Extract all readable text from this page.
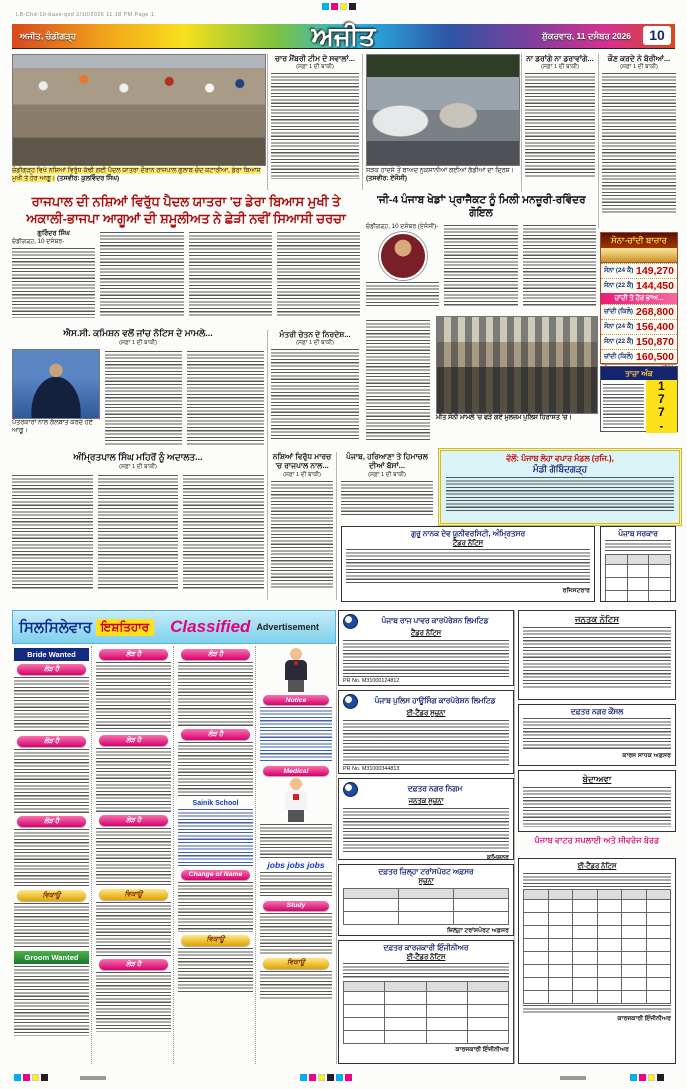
LB-Chd-10-base-qxd 2/10/2026 11:18 PM Page 1
ਅਜੀਤ, ਚੰਡੀਗੜ੍ਹ	ਅਜੀਤ	ਸ਼ੁੱਕਰਵਾਰ, 11 ਦਸੰਬਰ 2026	10
ਚੰਡੀਗੜ੍ਹ ਵਿਖੇ ਨਸ਼ਿਆਂ ਵਿਰੁੱਧ ਕੱਢੀ ਗਈ ਪੈਦਲ ਯਾਤਰਾ ਦੌਰਾਨ ਰਾਜਪਾਲ ਗੁਲਾਬ ਚੰਦ ਕਟਾਰੀਆ, ਡੇਰਾ ਬਿਆਸ ਮੁਖੀ ਤੇ ਹੋਰ ਆਗੂ। (ਤਸਵੀਰ: ਕੁਲਵਿੰਦਰ ਸਿੰਘ)
ਚਾਰ ਮੈਂਬਰੀ ਟੀਮ ਦੇ ਸਵਾਲਾਂ...
(ਸਫ਼ਾ 1 ਦੀ ਬਾਕੀ)
ਸੜਕ ਹਾਦਸੇ ਤੋਂ ਬਾਅਦ ਨੁਕਸਾਨੀਆਂ ਗਈਆਂ ਗੱਡੀਆਂ ਦਾ ਦ੍ਰਿਸ਼। (ਤਸਵੀਰ: ਏਜੰਸੀ)
ਨਾ ਡਰਾਂਗੇ ਨਾ ਡਰਾਵਾਂਗੇ...
(ਸਫ਼ਾ 1 ਦੀ ਬਾਕੀ)
ਕੌਣ ਕਰਦੇ ਨੇ ਬੋਰੀਆਂ...
(ਸਫ਼ਾ 1 ਦੀ ਬਾਕੀ)
ਰਾਜਪਾਲ ਦੀ ਨਸ਼ਿਆਂ ਵਿਰੁੱਧ ਪੈਦਲ ਯਾਤਰਾ 'ਚ ਡੇਰਾ ਬਿਆਸ ਮੁਖੀ ਤੇ ਅਕਾਲੀ-ਭਾਜਪਾ ਆਗੂਆਂ ਦੀ ਸ਼ਮੂਲੀਅਤ ਨੇ ਛੇੜੀ ਨਵੀਂ ਸਿਆਸੀ ਚਰਚਾ
ਗੁਰਿੰਦਰ ਸਿੰਘ
ਚੰਡੀਗੜ੍ਹ, 10 ਦਸੰਬਰ-
'ਜੀ-4 ਪੰਜਾਬ ਖੇਡਾਂ' ਪ੍ਰਾਜੈਕਟ ਨੂੰ ਮਿਲੀ ਮਨਜ਼ੂਰੀ-ਰਵਿੰਦਰ ਗੋਇਲ
ਚੰਡੀਗੜ੍ਹ, 10 ਦਸੰਬਰ (ਏਜੰਸੀ)-
ਸੋਨਾ-ਚਾਂਦੀ ਬਾਜ਼ਾਰ
ਸੋਨਾ (24 ਕੈ) 149,270
ਸੋਨਾ (22 ਕੈ) 144,450
ਚਾਂਦੀ ਤੇ ਹੋਰ ਭਾਅ...
ਚਾਂਦੀ (ਕਿਲੋ) 268,800
ਸੋਨਾ (24 ਕੈ) 156,400
ਸੋਨਾ (22 ਕੈ) 150,870
ਚਾਂਦੀ (ਕਿਲੋ) 160,500
ਤਾਜ਼ਾ ਅੰਕ
1
7
7
-
ਐਸ.ਸੀ. ਕਮਿਸ਼ਨ ਵਲੋਂ ਜਾਂਚ ਨੋਟਿਸ ਦੇ ਮਾਮਲੇ...
(ਸਫ਼ਾ 1 ਦੀ ਬਾਕੀ)
ਪੱਤਰਕਾਰਾਂ ਨਾਲ ਗੱਲਬਾਤ ਕਰਦੇ ਹੋਏ ਆਗੂ।
ਮੰਤਰੀ ਚੇਤਨ ਦੇ ਨਿਰਦੇਸ਼...
(ਸਫ਼ਾ 1 ਦੀ ਬਾਕੀ)
ਮੀਤ ਸੋਨੀ ਮਾਮਲੇ 'ਚ ਫੜੇ ਗਏ ਮੁਲਜ਼ਮ ਪੁਲਿਸ ਹਿਰਾਸਤ 'ਚ।
ਅੰਮ੍ਰਿਤਪਾਲ ਸਿੰਘ ਮਹਿਰੋਂ ਨੂੰ ਅਦਾਲਤ...
(ਸਫ਼ਾ 1 ਦੀ ਬਾਕੀ)
ਨਸ਼ਿਆਂ ਵਿਰੁੱਧ ਮਾਰਚ 'ਚ ਰਾਜਪਾਲ ਨਾਲ...
(ਸਫ਼ਾ 1 ਦੀ ਬਾਕੀ)
ਪੰਜਾਬ, ਹਰਿਆਣਾ ਤੇ ਹਿਮਾਚਲ ਦੀਆਂ ਬੱਸਾਂ...
(ਸਫ਼ਾ 1 ਦੀ ਬਾਕੀ)
ਵੱਲੋਂ: ਪੰਜਾਬ ਲੋਹਾ ਵਪਾਰ ਮੰਡਲ (ਰਜਿ.),
ਮੰਡੀ ਗੋਬਿੰਦਗੜ੍ਹ
ਗੁਰੂ ਨਾਨਕ ਦੇਵ ਯੂਨੀਵਰਸਿਟੀ, ਅੰਮ੍ਰਿਤਸਰ
ਟੈਂਡਰ ਨੋਟਿਸ
ਰਜਿਸਟਰਾਰ
ਪੰਜਾਬ ਸਰਕਾਰ

ਸਿਲਸਿਲੇਵਾਰ ਇਸ਼ਤਿਹਾਰ Classified Advertisement
Bride Wanted
ਲੋੜ ਹੈ
ਲੋੜ ਹੈ
ਲੋੜ ਹੈ
ਵਿਕਾਊ
Groom Wanted
ਲੋੜ ਹੈ
ਲੋੜ ਹੈ
ਲੋੜ ਹੈ
ਵਿਕਾਊ
ਲੋੜ ਹੈ
ਲੋੜ ਹੈ
ਲੋੜ ਹੈ
Sainik School
Change of Name
ਵਿਕਾਊ
Notice
Medical
jobs jobs jobs
Study
ਵਿਕਾਊ
ਪੰਜਾਬ ਰਾਜ ਪਾਵਰ ਕਾਰਪੋਰੇਸ਼ਨ ਲਿਮਟਿਡ
ਟੈਂਡਰ ਨੋਟਿਸ
PR No. M31000124812
ਪੰਜਾਬ ਪੁਲਿਸ ਹਾਊਸਿੰਗ ਕਾਰਪੋਰੇਸ਼ਨ ਲਿਮਟਿਡ
ਈ-ਟੈਂਡਰ ਸੂਚਨਾ
PR No. M31000344813
ਦਫ਼ਤਰ ਨਗਰ ਨਿਗਮ
ਜਨਤਕ ਸੂਚਨਾ
ਕਮਿਸ਼ਨਰ
ਦਫ਼ਤਰ ਜ਼ਿਲ੍ਹਾ ਟਰਾਂਸਪੋਰਟ ਅਫ਼ਸਰ
ਸੂਚਨਾ

ਜ਼ਿਲ੍ਹਾ ਟਰਾਂਸਪੋਰਟ ਅਫ਼ਸਰ
ਦਫ਼ਤਰ ਕਾਰਜਕਾਰੀ ਇੰਜੀਨੀਅਰ
ਈ-ਟੈਂਡਰ ਨੋਟਿਸ

ਕਾਰਜਕਾਰੀ ਇੰਜੀਨੀਅਰ
ਜਨਤਕ ਨੋਟਿਸ
ਦਫ਼ਤਰ ਨਗਰ ਕੌਂਸਲ
ਕਾਰਜ ਸਾਧਕ ਅਫ਼ਸਰ
ਬੇਦਾਅਵਾ
ਪੰਜਾਬ ਵਾਟਰ ਸਪਲਾਈ ਅਤੇ ਸੀਵਰੇਜ ਬੋਰਡ
ਈ-ਟੈਂਡਰ ਨੋਟਿਸ

ਕਾਰਜਕਾਰੀ ਇੰਜੀਨੀਅਰ
